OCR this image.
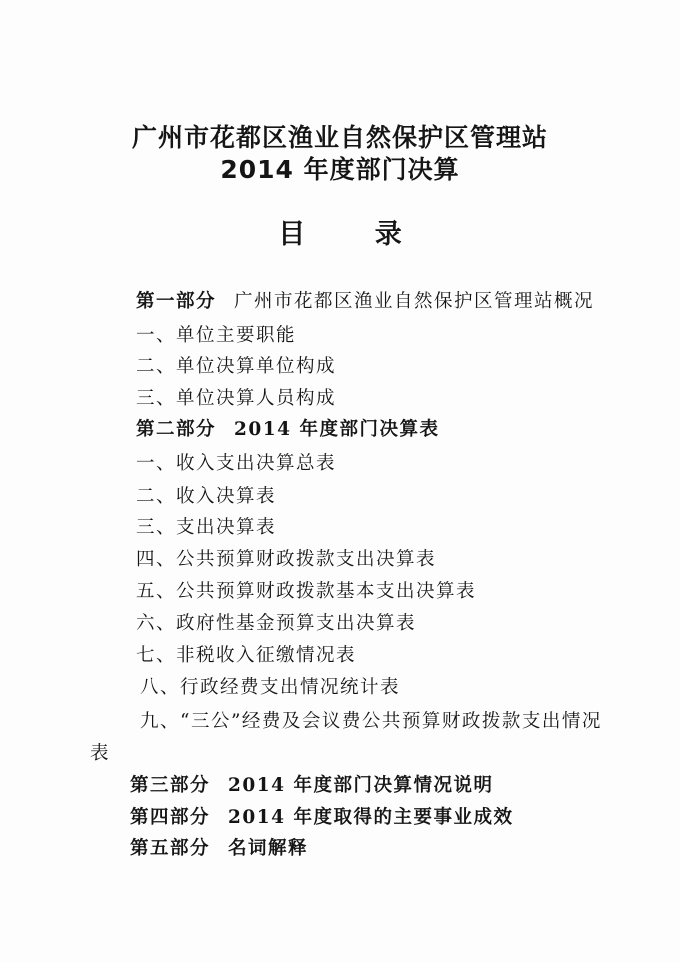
广州市花都区渔业自然保护区管理站
2014 年度部门决算
目 录
第一部分 广州市花都区渔业自然保护区管理站概况
一、单位主要职能
二、单位决算单位构成
三、单位决算人员构成
第二部分 2014 年度部门决算表
一、收入支出决算总表
二、收入决算表
三、支出决算表
四、公共预算财政拨款支出决算表
五、公共预算财政拨款基本支出决算表
六、政府性基金预算支出决算表
七、非税收入征缴情况表
八、行政经费支出情况统计表
九、“三公”经费及会议费公共预算财政拨款支出情况
表
第三部分 2014 年度部门决算情况说明
第四部分 2014 年度取得的主要事业成效
第五部分 名词解释
